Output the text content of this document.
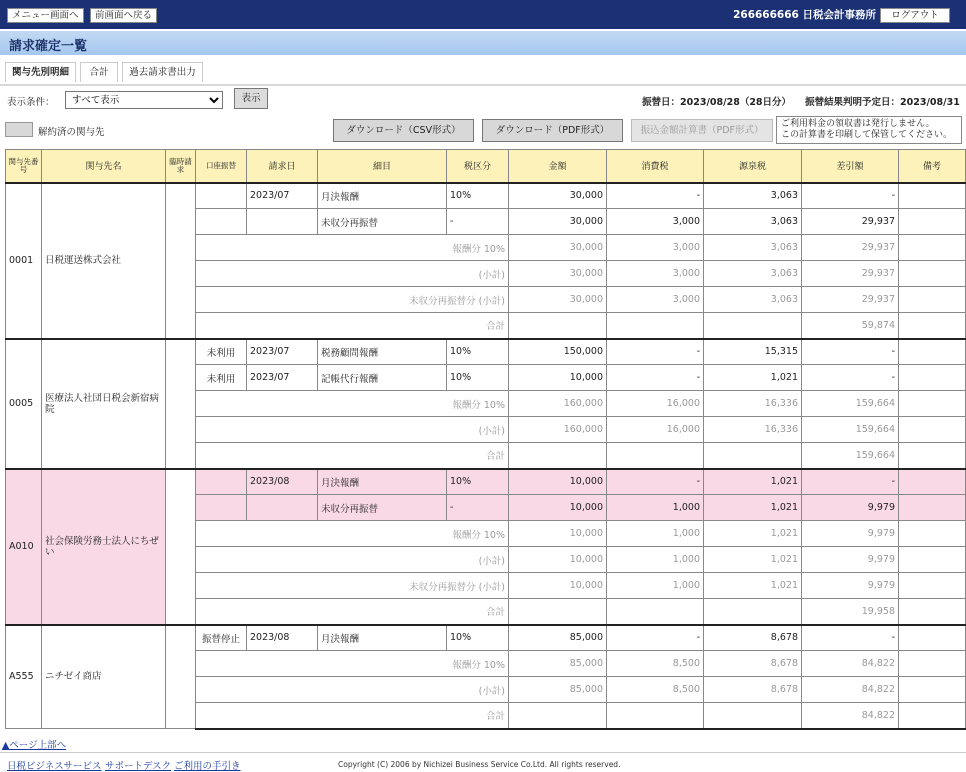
メニュー画面へ	前画面へ戻る	266666666 日税会計事務所	ログアウト
請求確定一覧
関与先別明細	合計	過去請求書出力
表示条件：
すべて表示	表示	振替日：2023/08/28（28日分） 振替結果判明予定日：2023/08/31
解約済の関与先	ダウンロード（CSV形式）	ダウンロード（PDF形式）	振込金額計算書（PDF形式）
ご利用料金の領収書は発行しません。
この計算書を印刷して保管してください。
関与先番号	関与先名	臨時請求	口座振替	請求日	細目	税区分	金額	消費税	源泉税	差引額	備考
0001	日税運送株式会社			2023/07	月決報酬	10%	30,000	-	3,063	-	
					未収分再振替	-	30,000	3,000	3,063	29,937	
			報酬分 10%				30,000	3,000	3,063	29,937	
			(小計)				30,000	3,000	3,063	29,937	
			未収分再振替分 (小計)				30,000	3,000	3,063	29,937	
			合計							59,874	
0005	医療法人社団日税会新宿病院		未利用	2023/07	税務顧問報酬	10%	150,000	-	15,315	-	
			未利用	2023/07	記帳代行報酬	10%	10,000	-	1,021	-	
			報酬分 10%				160,000	16,000	16,336	159,664	
			(小計)				160,000	16,000	16,336	159,664	
			合計							159,664	
A010	社会保険労務士法人にちぜい			2023/08	月決報酬	10%	10,000	-	1,021	-	
					未収分再振替	-	10,000	1,000	1,021	9,979	
			報酬分 10%				10,000	1,000	1,021	9,979	
			(小計)				10,000	1,000	1,021	9,979	
			未収分再振替分 (小計)				10,000	1,000	1,021	9,979	
			合計							19,958	
A555	ニチゼイ商店		振替停止	2023/08	月決報酬	10%	85,000	-	8,678	-	
			報酬分 10%				85,000	8,500	8,678	84,822	
			(小計)				85,000	8,500	8,678	84,822	
			合計							84,822	
▲ページ上部へ
日税ビジネスサービス サポートデスク ご利用の手引き	Copyright (C) 2006 by Nichizei Business Service Co.Ltd. All rights reserved.
